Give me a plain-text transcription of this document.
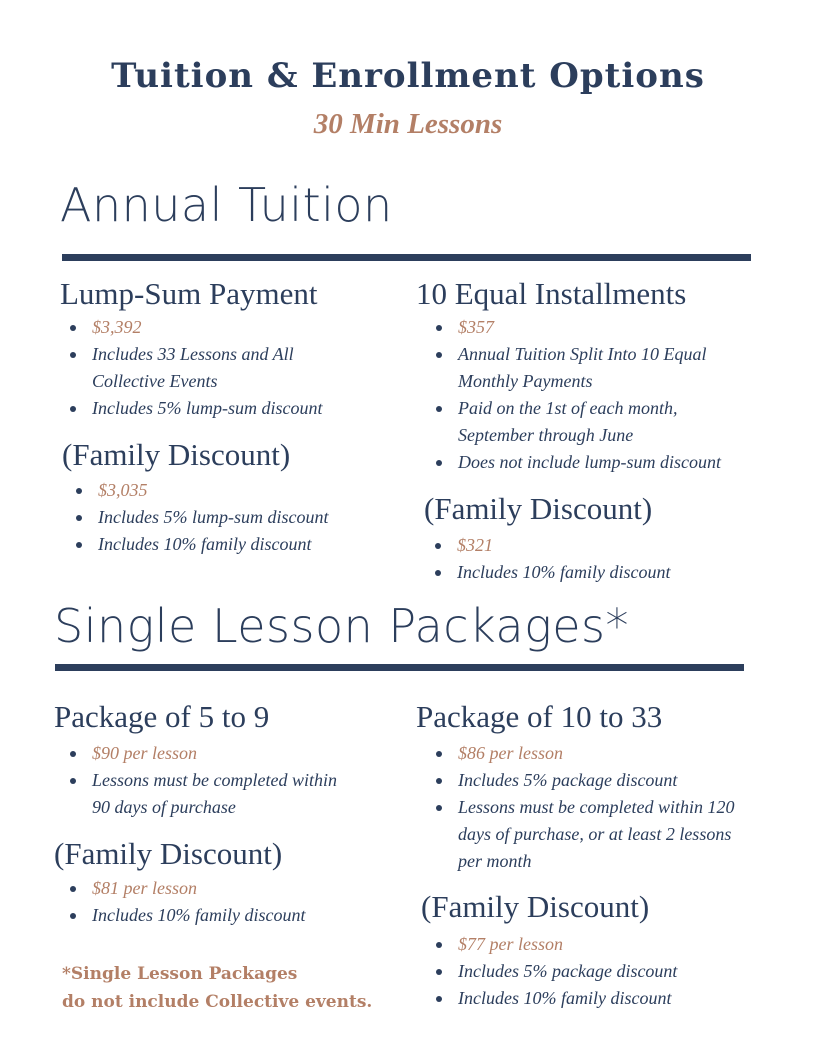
Tuition & Enrollment Options
30 Min Lessons
Annual Tuition
Lump-Sum Payment
$3,392
Includes 33 Lessons and All
Collective Events
Includes 5% lump-sum discount
(Family Discount)
$3,035
Includes 5% lump-sum discount
Includes 10% family discount
10 Equal Installments
$357
Annual Tuition Split Into 10 Equal
Monthly Payments
Paid on the 1st of each month,
September through June
Does not include lump-sum discount
(Family Discount)
$321
Includes 10% family discount
Single Lesson Packages*
Package of 5 to 9
$90 per lesson
Lessons must be completed within
90 days of purchase
(Family Discount)
$81 per lesson
Includes 10% family discount
Package of 10 to 33
$86 per lesson
Includes 5% package discount
Lessons must be completed within 120
days of purchase, or at least 2 lessons
per month
(Family Discount)
$77 per lesson
Includes 5% package discount
Includes 10% family discount
*Single Lesson Packages
do not include Collective events.
